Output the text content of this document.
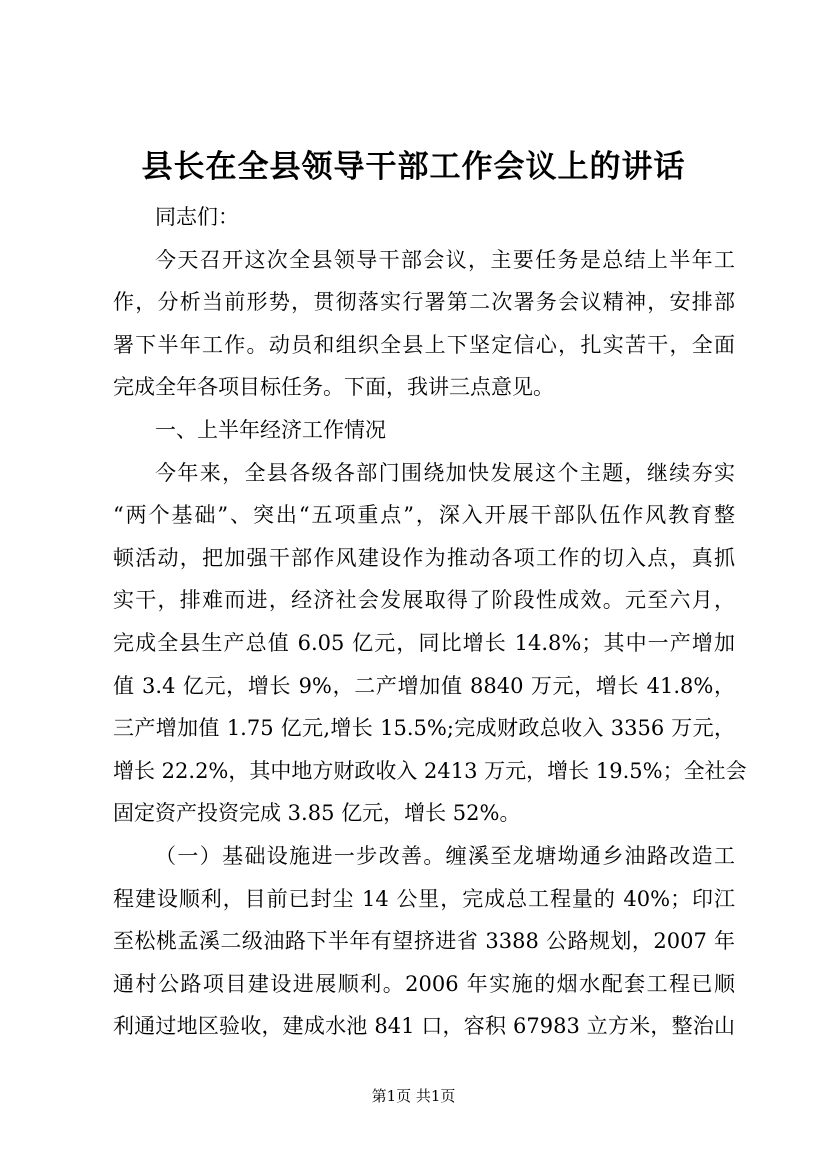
县长在全县领导干部工作会议上的讲话
同志们：
今天召开这次全县领导干部会议，主要任务是总结上半年工
作，分析当前形势，贯彻落实行署第二次署务会议精神，安排部
署下半年工作。动员和组织全县上下坚定信心，扎实苦干，全面
完成全年各项目标任务。下面，我讲三点意见。
一、上半年经济工作情况
今年来，全县各级各部门围绕加快发展这个主题，继续夯实
“两个基础”、突出“五项重点”，深入开展干部队伍作风教育整
顿活动，把加强干部作风建设作为推动各项工作的切入点，真抓
实干，排难而进，经济社会发展取得了阶段性成效。元至六月，
完成全县生产总值 6.05 亿元，同比增长 14.8%；其中一产增加
值 3.4 亿元，增长 9%，二产增加值 8840 万元，增长 41.8%，
三产增加值 1.75 亿元,增长 15.5%;完成财政总收入 3356 万元，
增长 22.2%，其中地方财政收入 2413 万元，增长 19.5%；全社会
固定资产投资完成 3.85 亿元，增长 52%。
（一）基础设施进一步改善。缠溪至龙塘坳通乡油路改造工
程建设顺利，目前已封尘 14 公里，完成总工程量的 40%；印江
至松桃孟溪二级油路下半年有望挤进省 3388 公路规划，2007 年
通村公路项目建设进展顺利。2006 年实施的烟水配套工程已顺
利通过地区验收，建成水池 841 口，容积 67983 立方米，整治山
第1页 共1页
